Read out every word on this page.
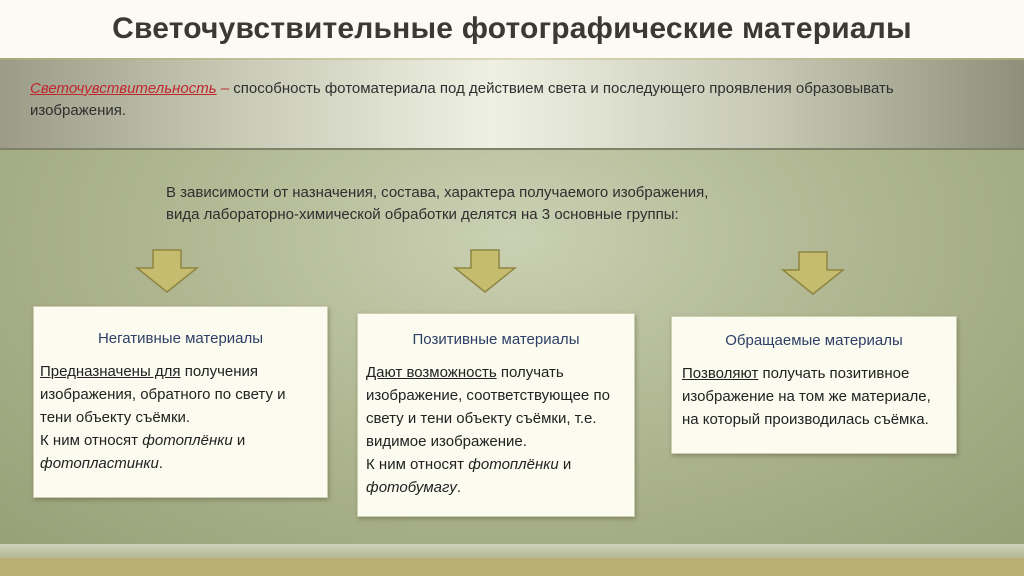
Светочувствительные фотографические материалы
Светочувствительность – способность фотоматериала под действием света и последующего проявления образовывать изображения.
В зависимости от назначения, состава, характера получаемого изображения,
вида лабораторно-химической обработки делятся на 3 основные группы:
Негативные материалы
Предназначены для получения изображения, обратного по свету и тени объекту съёмки.
К ним относят фотоплёнки и фотопластинки.
Позитивные материалы
Дают возможность получать изображение, соответствующее по свету и тени объекту съёмки, т.е. видимое изображение.
К ним относят фотоплёнки и фотобумагу.
Обращаемые материалы
Позволяют получать позитивное изображение на том же материале, на который производилась съёмка.
